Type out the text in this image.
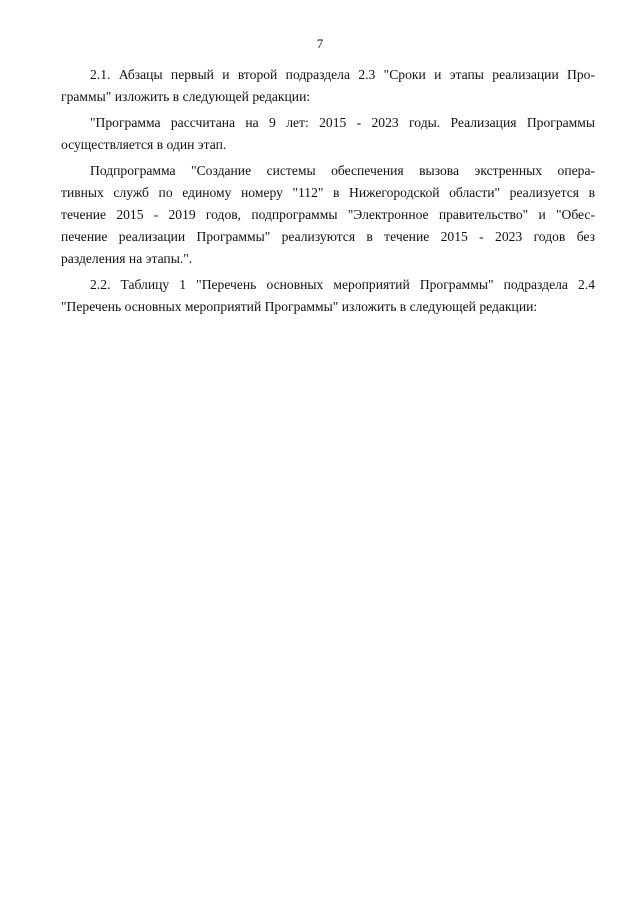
7

2.1. Абзацы первый и второй подраздела 2.3 "Сроки и этапы реализации Про-
граммы" изложить в следующей редакции:

"Программа рассчитана на 9 лет: 2015 - 2023 годы. Реализация Программы
осуществляется в один этап.

Подпрограмма "Создание системы обеспечения вызова экстренных опера-
тивных служб по единому номеру "112" в Нижегородской области" реализуется в
течение 2015 - 2019 годов, подпрограммы "Электронное правительство" и "Обес-
печение реализации Программы" реализуются в течение 2015 - 2023 годов без
разделения на этапы.".

2.2. Таблицу 1 "Перечень основных мероприятий Программы" подраздела 2.4
"Перечень основных мероприятий Программы" изложить в следующей редакции:
